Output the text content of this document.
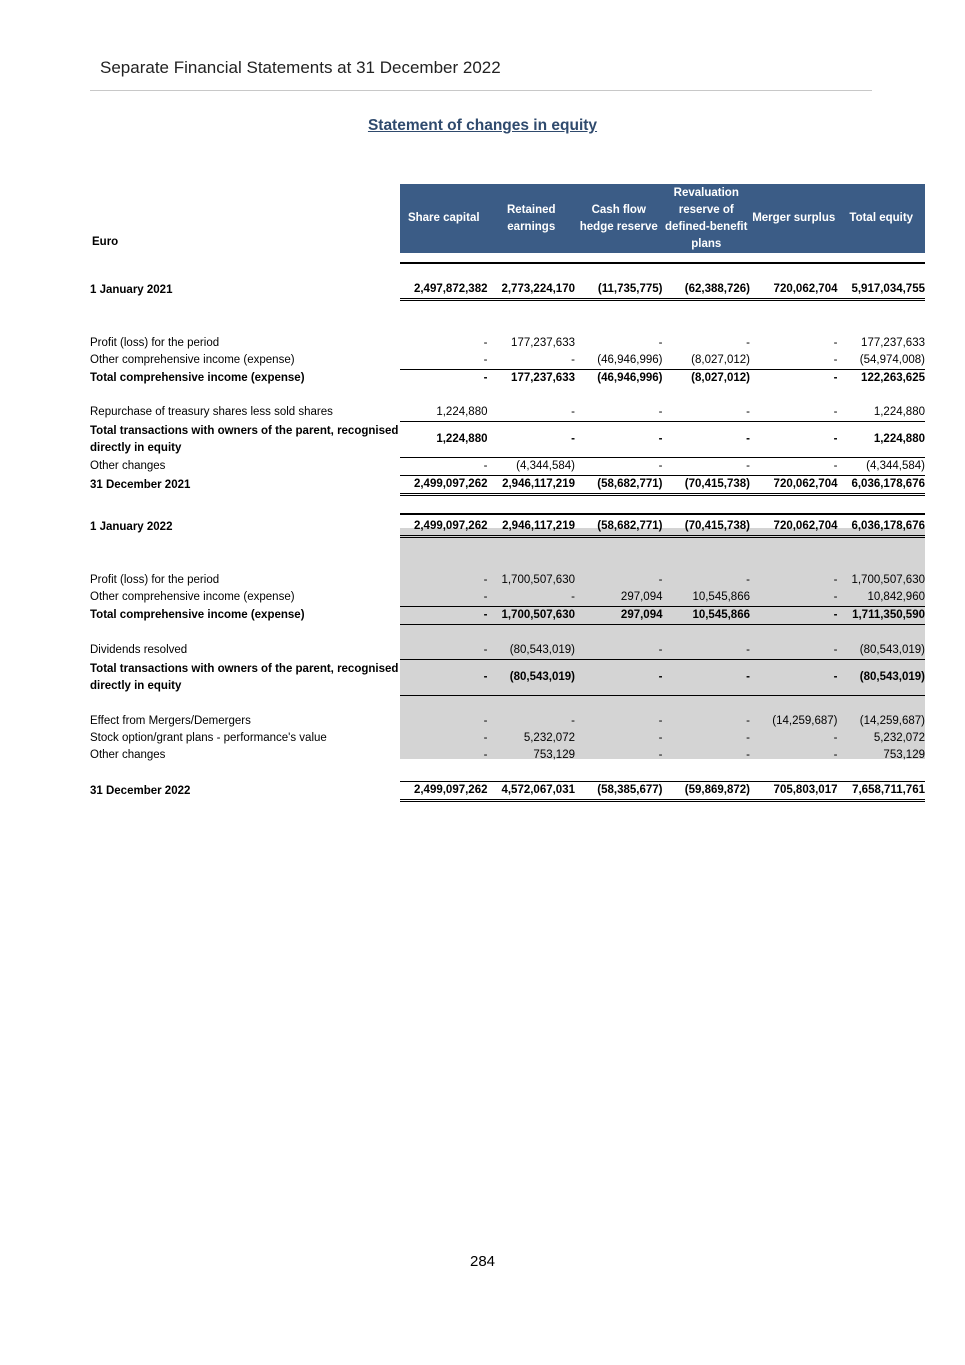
Separate Financial Statements at 31 December 2022
Statement of changes in equity
Euro	Share capital	Retained earnings	Cash flow hedge reserve	Revaluation reserve of defined-benefit plans	Merger surplus	Total equity

1 January 2021	2,497,872,382	2,773,224,170	(11,735,775)	(62,388,726)	720,062,704	5,917,034,755

Profit (loss) for the period	-	177,237,633	-	-	-	177,237,633
Other comprehensive income (expense)	-	-	(46,946,996)	(8,027,012)	-	(54,974,008)
Total comprehensive income (expense)	-	177,237,633	(46,946,996)	(8,027,012)	-	122,263,625

Repurchase of treasury shares less sold shares	1,224,880	-	-	-	-	1,224,880
Total transactions with owners of the parent, recognised directly in equity	1,224,880	-	-	-	-	1,224,880
Other changes	-	(4,344,584)	-	-	-	(4,344,584)
31 December 2021	2,499,097,262	2,946,117,219	(58,682,771)	(70,415,738)	720,062,704	6,036,178,676

1 January 2022	2,499,097,262	2,946,117,219	(58,682,771)	(70,415,738)	720,062,704	6,036,178,676

Profit (loss) for the period	-	1,700,507,630	-	-	-	1,700,507,630
Other comprehensive income (expense)	-	-	297,094	10,545,866	-	10,842,960
Total comprehensive income (expense)	-	1,700,507,630	297,094	10,545,866	-	1,711,350,590

Dividends resolved	-	(80,543,019)	-	-	-	(80,543,019)
Total transactions with owners of the parent, recognised directly in equity	-	(80,543,019)	-	-	-	(80,543,019)

Effect from Mergers/Demergers	-	-	-	-	(14,259,687)	(14,259,687)
Stock option/grant plans - performance's value	-	5,232,072	-	-	-	5,232,072
Other changes	-	753,129	-	-	-	753,129

31 December 2022	2,499,097,262	4,572,067,031	(58,385,677)	(59,869,872)	705,803,017	7,658,711,761
284
